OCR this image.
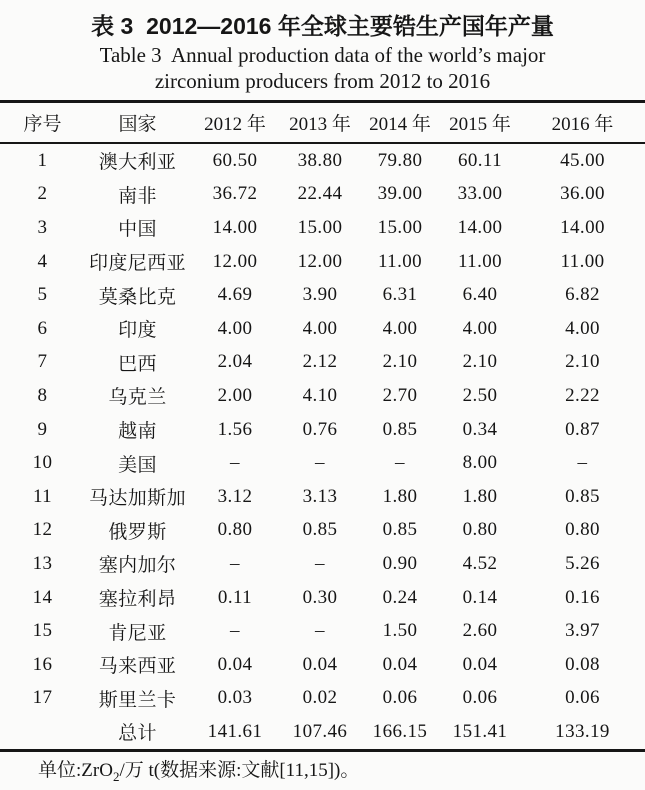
表 3  2012—2016 年全球主要锆生产国年产量
Table 3  Annual production data of the world’s major
zirconium producers from 2012 to 2016
序号	国家	2012 年	2013 年	2014 年	2015 年	2016 年
1	澳大利亚	60.50	38.80	79.80	60.11	45.00
2	南非	36.72	22.44	39.00	33.00	36.00
3	中国	14.00	15.00	15.00	14.00	14.00
4	印度尼西亚	12.00	12.00	11.00	11.00	11.00
5	莫桑比克	4.69	3.90	6.31	6.40	6.82
6	印度	4.00	4.00	4.00	4.00	4.00
7	巴西	2.04	2.12	2.10	2.10	2.10
8	乌克兰	2.00	4.10	2.70	2.50	2.22
9	越南	1.56	0.76	0.85	0.34	0.87
10	美国	–	–	–	8.00	–
11	马达加斯加	3.12	3.13	1.80	1.80	0.85
12	俄罗斯	0.80	0.85	0.85	0.80	0.80
13	塞内加尔	–	–	0.90	4.52	5.26
14	塞拉利昂	0.11	0.30	0.24	0.14	0.16
15	肯尼亚	–	–	1.50	2.60	3.97
16	马来西亚	0.04	0.04	0.04	0.04	0.08
17	斯里兰卡	0.03	0.02	0.06	0.06	0.06
	总计	141.61	107.46	166.15	151.41	133.19
单位:ZrO$_2$/万 t(数据来源:文献[11,15])。
